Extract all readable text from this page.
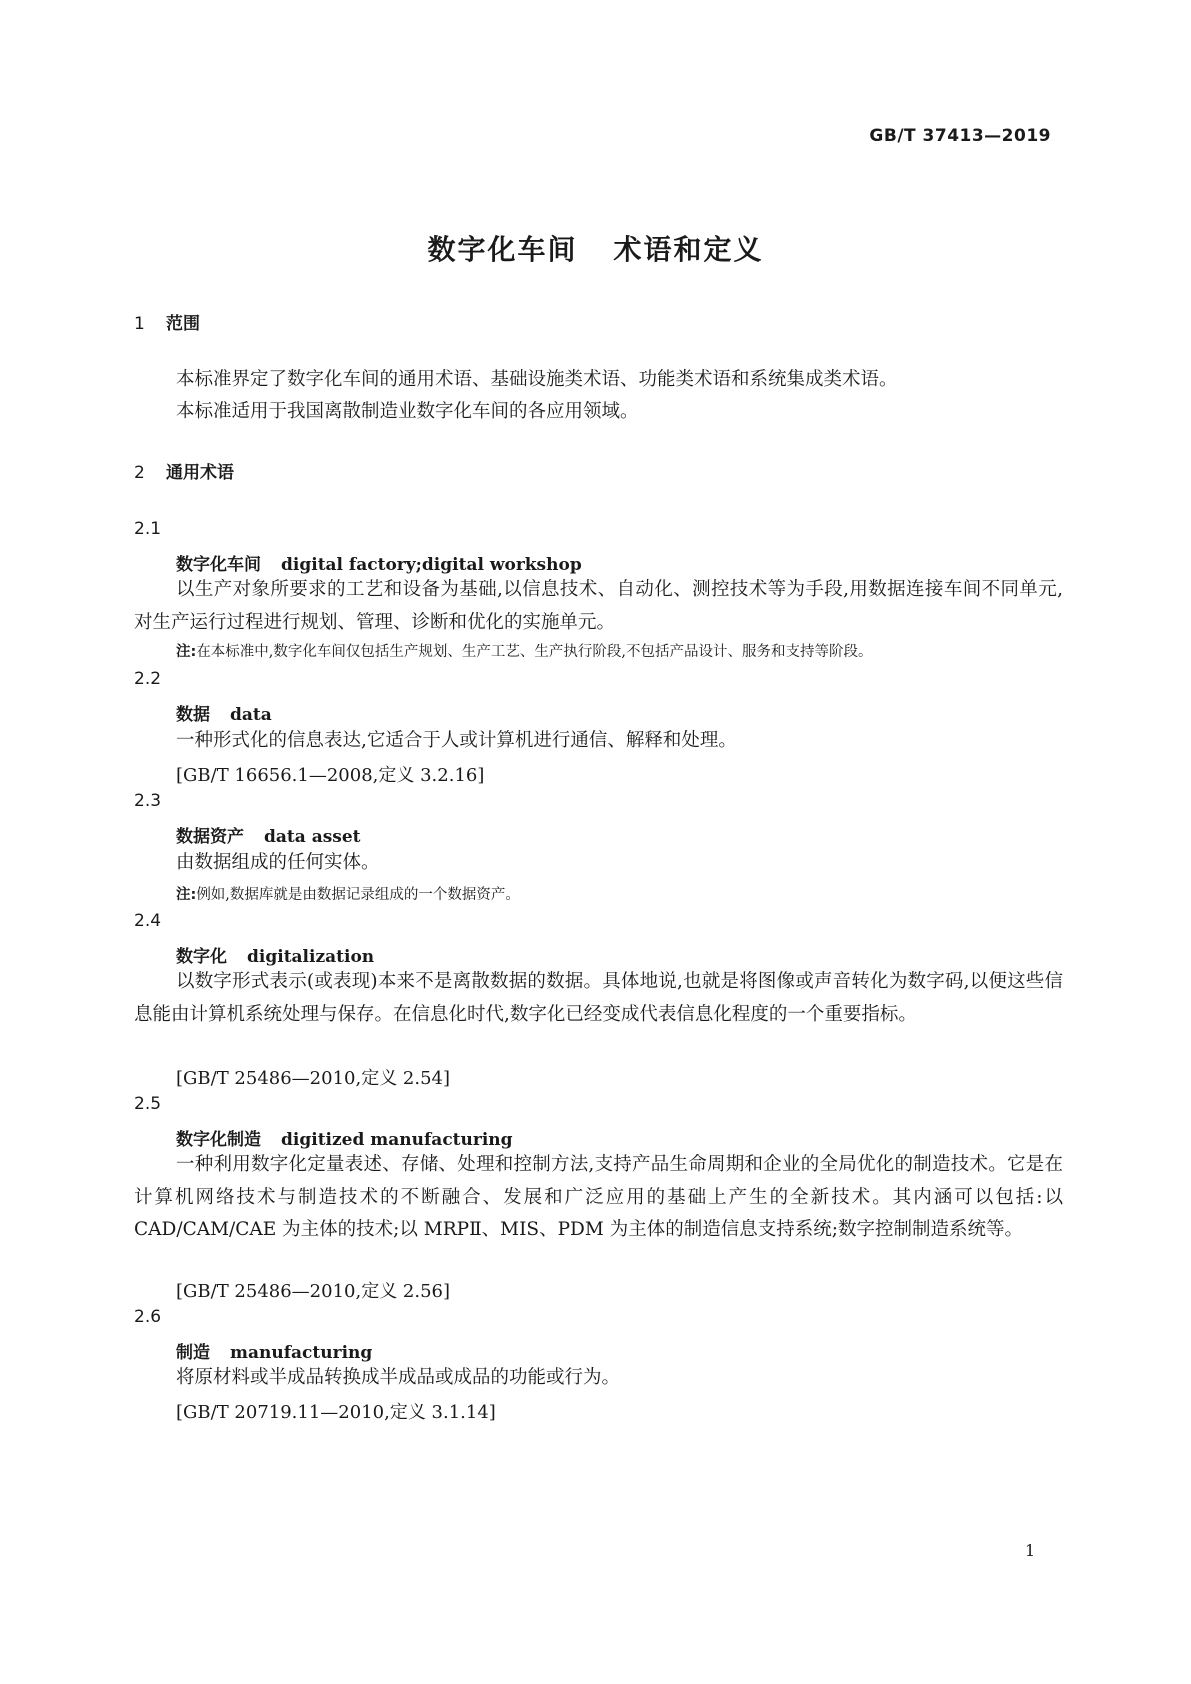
GB/T 37413—2019
数字化车间 术语和定义
1 范围

本标准界定了数字化车间的通用术语、基础设施类术语、功能类术语和系统集成类术语。

本标准适用于我国离散制造业数字化车间的各应用领域。

2 通用术语
2.1
数字化车间 digital factory;digital workshop

以生产对象所要求的工艺和设备为基础,以信息技术、自动化、测控技术等为手段,用数据连接车间不同单元,对生产运行过程进行规划、管理、诊断和优化的实施单元。

注:在本标准中,数字化车间仅包括生产规划、生产工艺、生产执行阶段,不包括产品设计、服务和支持等阶段。
2.2
数据 data

一种形式化的信息表达,它适合于人或计算机进行通信、解释和处理。

[GB/T 16656.1—2008,定义 3.2.16]
2.3
数据资产 data asset

由数据组成的任何实体。

注:例如,数据库就是由数据记录组成的一个数据资产。
2.4
数字化 digitalization

以数字形式表示(或表现)本来不是离散数据的数据。具体地说,也就是将图像或声音转化为数字码,以便这些信息能由计算机系统处理与保存。在信息化时代,数字化已经变成代表信息化程度的一个重要指标。

[GB/T 25486—2010,定义 2.54]
2.5
数字化制造 digitized manufacturing

一种利用数字化定量表述、存储、处理和控制方法,支持产品生命周期和企业的全局优化的制造技术。它是在计算机网络技术与制造技术的不断融合、发展和广泛应用的基础上产生的全新技术。其内涵可以包括:以 CAD/CAM/CAE 为主体的技术;以 MRPⅡ、MIS、PDM 为主体的制造信息支持系统;数字控制制造系统等。

[GB/T 25486—2010,定义 2.56]
2.6
制造 manufacturing

将原材料或半成品转换成半成品或成品的功能或行为。

[GB/T 20719.11—2010,定义 3.1.14]
1
